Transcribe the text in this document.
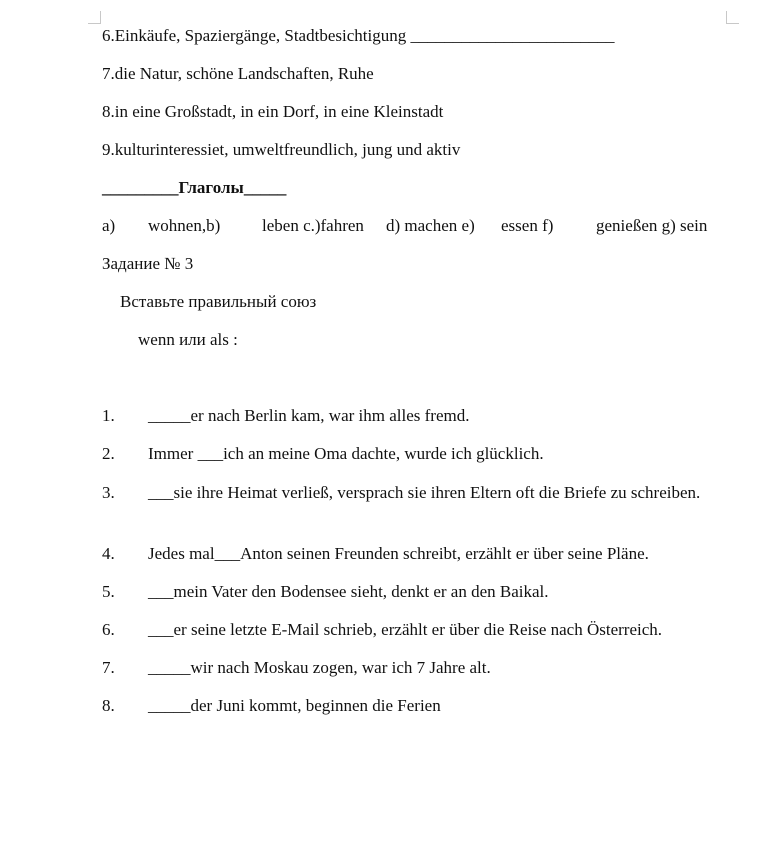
6.Einkäufe, Spaziergänge, Stadtbesichtigung ________________________
7.die Natur, schöne Landschaften, Ruhe
8.in eine Großstadt, in ein Dorf, in eine Kleinstadt
9.kulturinteressiet, umweltfreundlich, jung und aktiv
_________Глаголы_____
a) wohnen,b) leben c.)fahren d) machen e) essen f)	genießen g) sein
Задание № 3
Вставьте правильный союз
wenn или als :
1. _____er nach Berlin kam, war ihm alles fremd.
2. Immer ___ich an meine Oma dachte, wurde ich glücklich.
3. ___sie ihre Heimat verließ, versprach sie ihren Eltern oft die Briefe zu schreiben.
4. Jedes mal___Anton seinen Freunden schreibt, erzählt er über seine Pläne.
5. ___mein Vater den Bodensee sieht, denkt er an den Baikal.
6. ___er seine letzte E-Mail schrieb, erzählt er über die Reise nach Österreich.
7. _____wir nach Moskau zogen, war ich 7 Jahre alt.
8. _____der Juni kommt, beginnen die Ferien
